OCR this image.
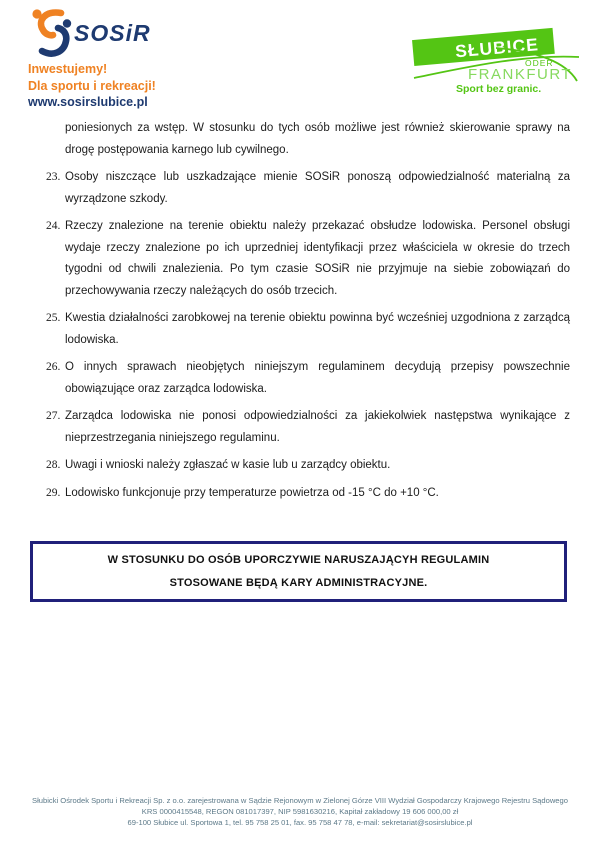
SOSiR
Inwestujemy!
Dla sportu i rekreacji!
www.sosirslubice.pl
SŁUBICE
ODER
FRANKFURT
Sport bez granic.

poniesionych za wstęp. W stosunku do tych osób możliwe jest również skierowanie sprawy na drogę postępowania karnego lub cywilnego.

23. Osoby niszczące lub uszkadzające mienie SOSiR ponoszą odpowiedzialność materialną za wyrządzone szkody.
24. Rzeczy znalezione na terenie obiektu należy przekazać obsłudze lodowiska. Personel obsługi wydaje rzeczy znalezione po ich uprzedniej identyfikacji przez właściciela w okresie do trzech tygodni od chwili znalezienia. Po tym czasie SOSiR nie przyjmuje na siebie zobowiązań do przechowywania rzeczy należących do osób trzecich.
25. Kwestia działalności zarobkowej na terenie obiektu powinna być wcześniej uzgodniona z zarządcą lodowiska.
26. O innych sprawach nieobjętych niniejszym regulaminem decydują przepisy powszechnie obowiązujące oraz zarządca lodowiska.
27. Zarządca lodowiska nie ponosi odpowiedzialności za jakiekolwiek następstwa wynikające z nieprzestrzegania niniejszego regulaminu.
28. Uwagi i wnioski należy zgłaszać w kasie lub u zarządcy obiektu.
29. Lodowisko funkcjonuje przy temperaturze powietrza od -15 °C do +10 °C.
W STOSUNKU DO OSÓB UPORCZYWIE NARUSZAJĄCYH REGULAMIN
STOSOWANE BĘDĄ KARY ADMINISTRACYJNE.
Słubicki Ośrodek Sportu i Rekreacji Sp. z o.o. zarejestrowana w Sądzie Rejonowym w Zielonej Górze VIII Wydział Gospodarczy Krajowego Rejestru Sądowego
KRS 0000415548, REGON 081017397, NIP 5981630216, Kapitał zakładowy 19 606 000,00 zł
69-100 Słubice ul. Sportowa 1, tel. 95 758 25 01, fax. 95 758 47 78, e-mail: sekretariat@sosirslubice.pl
